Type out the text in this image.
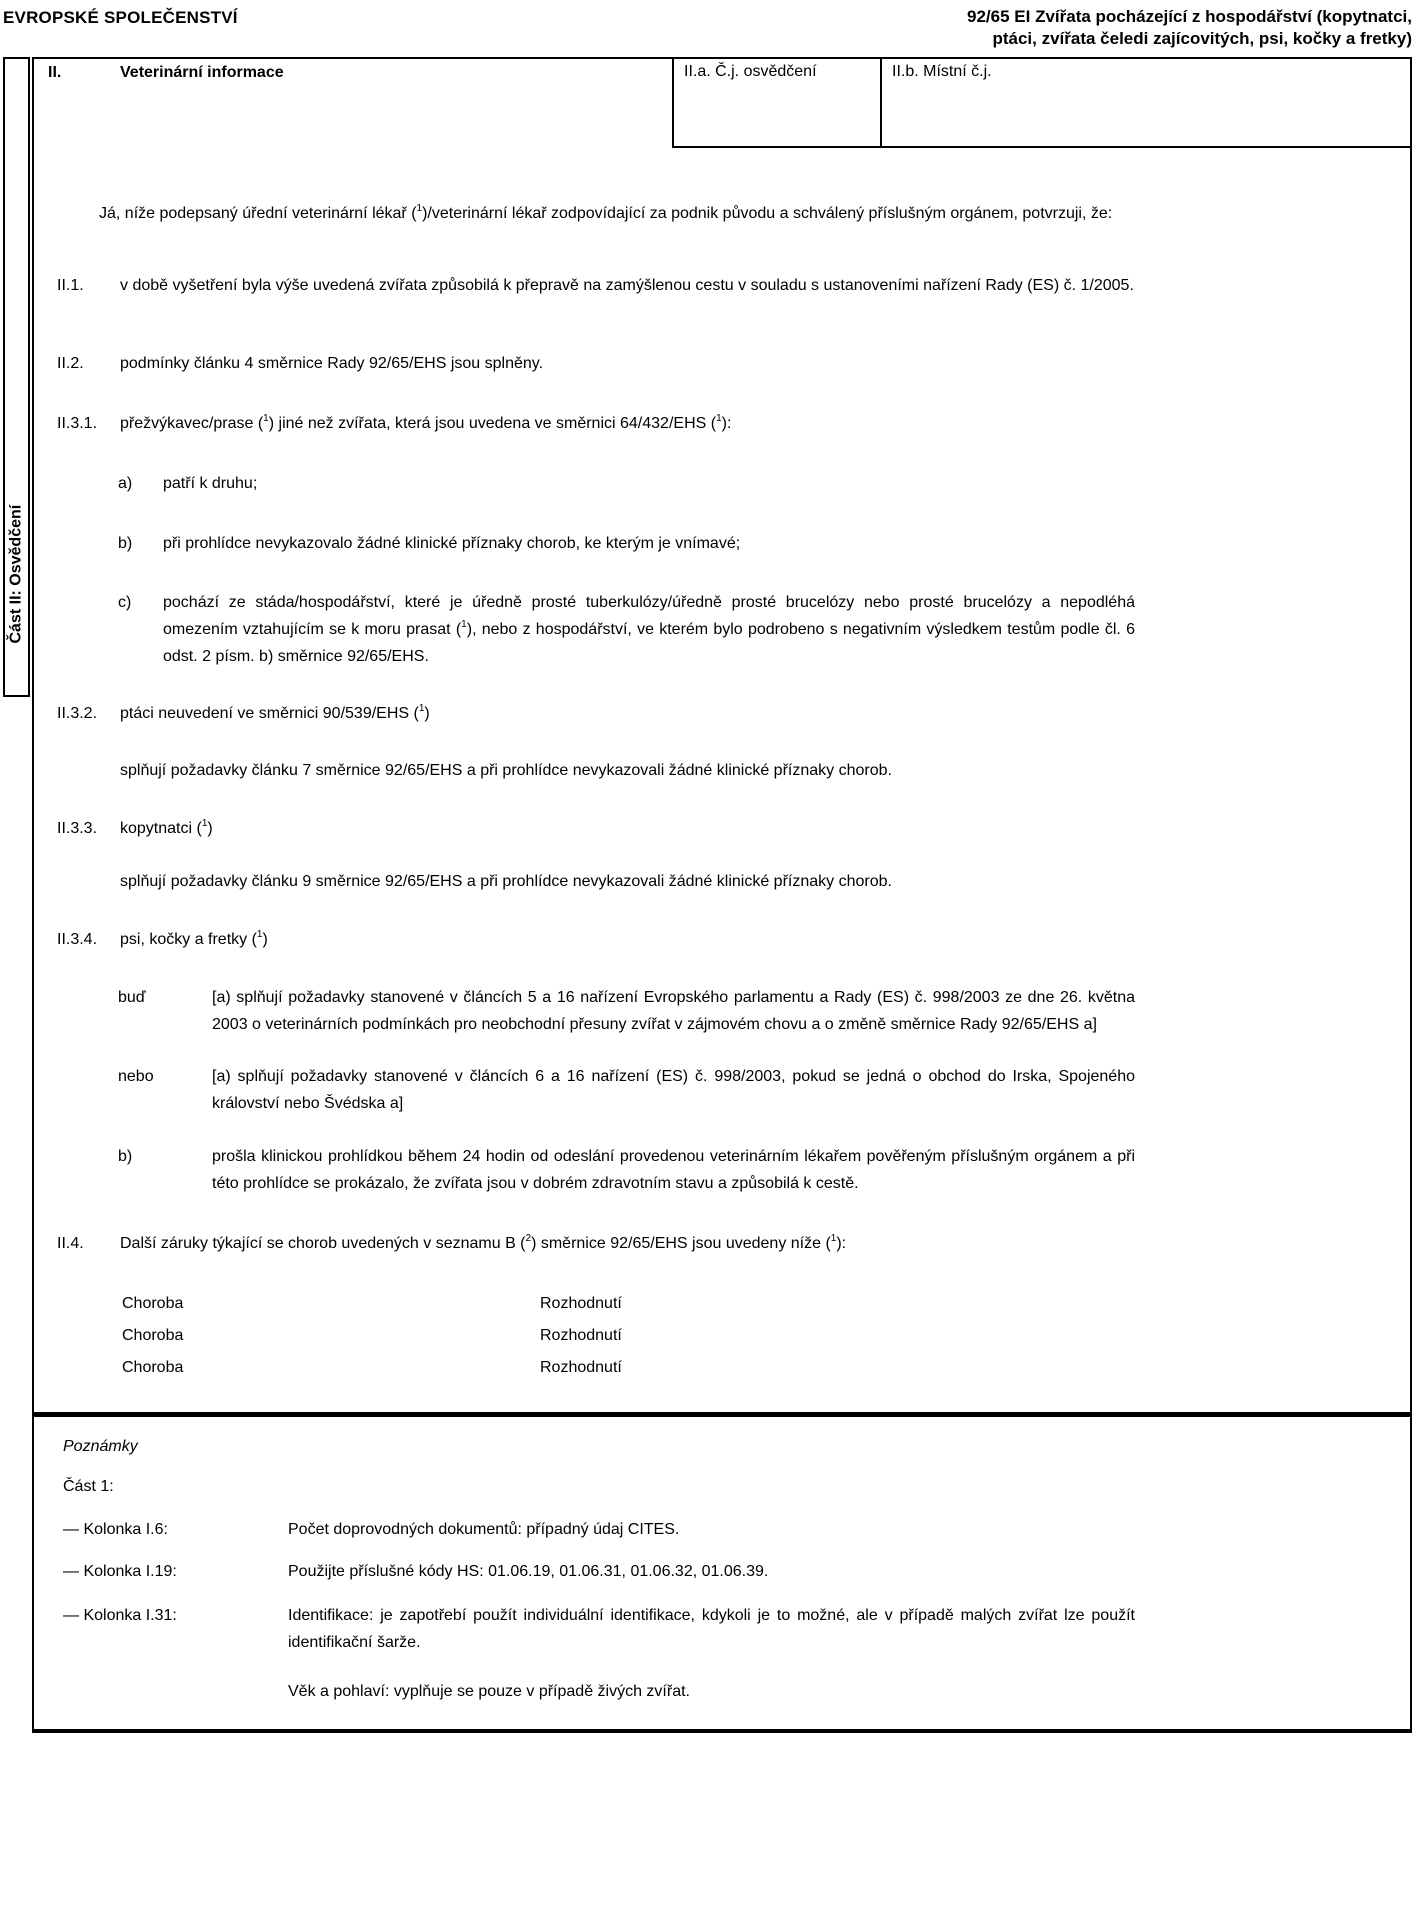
EVROPSKÉ SPOLEČENSTVÍ	92/65 EI Zvířata pocházející z hospodářství (kopytnatci,
ptáci, zvířata čeledi zajícovitých, psi, kočky a fretky)
Část II: Osvědčení
II.	Veterinární informace	II.a. Č.j. osvědčení	II.b. Místní č.j.
Já, níže podepsaný úřední veterinární lékař ($^1$)/veterinární lékař zodpovídající za podnik původu a schválený příslušným orgánem, potvrzuji, že:
II.1.	v době vyšetření byla výše uvedená zvířata způsobilá k přepravě na zamýšlenou cestu v souladu s ustanoveními nařízení Rady (ES) č. 1/2005.
II.2.	podmínky článku 4 směrnice Rady 92/65/EHS jsou splněny.
II.3.1.	přežvýkavec/prase ($^1$) jiné než zvířata, která jsou uvedena ve směrnici 64/432/EHS ($^1$):
a)	patří k druhu;
b)	při prohlídce nevykazovalo žádné klinické příznaky chorob, ke kterým je vnímavé;
c)	pochází ze stáda/hospodářství, které je úředně prosté tuberkulózy/úředně prosté brucelózy nebo prosté brucelózy a nepodléhá omezením vztahujícím se k moru prasat ($^1$), nebo z hospodářství, ve kterém bylo podrobeno s negativním výsledkem testům podle čl. 6 odst. 2 písm. b) směrnice 92/65/EHS.
II.3.2.	ptáci neuvedení ve směrnici 90/539/EHS ($^1$)
splňují požadavky článku 7 směrnice 92/65/EHS a při prohlídce nevykazovali žádné klinické příznaky chorob.
II.3.3.	kopytnatci ($^1$)
splňují požadavky článku 9 směrnice 92/65/EHS a při prohlídce nevykazovali žádné klinické příznaky chorob.
II.3.4.	psi, kočky a fretky ($^1$)
buď	[a) splňují požadavky stanovené v článcích 5 a 16 nařízení Evropského parlamentu a Rady (ES) č. 998/2003 ze dne 26. května 2003 o veterinárních podmínkách pro neobchodní přesuny zvířat v zájmovém chovu a o změně směrnice Rady 92/65/EHS a]
nebo	[a) splňují požadavky stanovené v článcích 6 a 16 nařízení (ES) č. 998/2003, pokud se jedná o obchod do Irska, Spojeného království nebo Švédska a]
b)	prošla klinickou prohlídkou během 24 hodin od odeslání provedenou veterinárním lékařem pověřeným příslušným orgánem a při této prohlídce se prokázalo, že zvířata jsou v dobrém zdravotním stavu a způsobilá k cestě.
II.4.	Další záruky týkající se chorob uvedených v seznamu B ($^2$) směrnice 92/65/EHS jsou uvedeny níže ($^1$):
Choroba	Rozhodnutí
Choroba	Rozhodnutí
Choroba	Rozhodnutí
Poznámky
Část 1:
— Kolonka I.6:	Počet doprovodných dokumentů: případný údaj CITES.
— Kolonka I.19:	Použijte příslušné kódy HS: 01.06.19, 01.06.31, 01.06.32, 01.06.39.
— Kolonka I.31:	Identifikace: je zapotřebí použít individuální identifikace, kdykoli je to možné, ale v případě malých zvířat lze použít identifikační šarže.
Věk a pohlaví: vyplňuje se pouze v případě živých zvířat.
